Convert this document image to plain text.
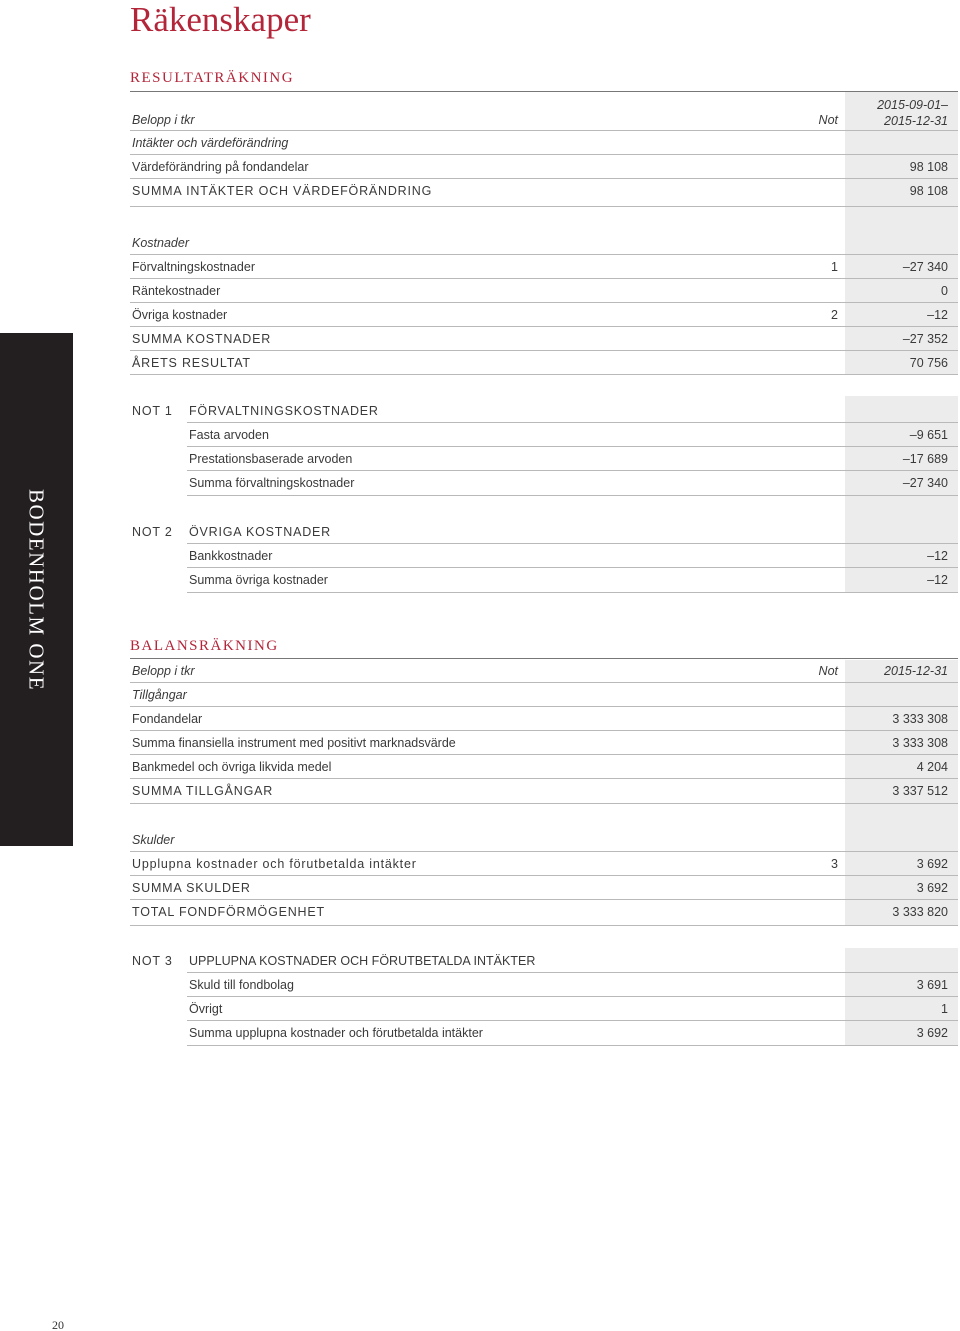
Räkenskaper
BODENHOLM ONE
RESULTATRÄKNING
Belopp i tkr	Not
2015-09-01–
2015-12-31
Intäkter och värdeförändring
Värdeförändring på fondandelar	98 108
SUMMA INTÄKTER OCH VÄRDEFÖRÄNDRING	98 108
Kostnader
Förvaltningskostnader	1	–27 340
Räntekostnader	0
Övriga kostnader	2	–12
SUMMA KOSTNADER	–27 352
ÅRETS RESULTAT	70 756
NOT 1 FÖRVALTNINGSKOSTNADER
Fasta arvoden	–9 651
Prestationsbaserade arvoden	–17 689
Summa förvaltningskostnader	–27 340
NOT 2 ÖVRIGA KOSTNADER
Bankkostnader	–12
Summa övriga kostnader	–12
BALANSRÄKNING
Belopp i tkr	Not	2015-12-31
Tillgångar
Fondandelar	3 333 308
Summa finansiella instrument med positivt marknadsvärde	3 333 308
Bankmedel och övriga likvida medel	4 204
SUMMA TILLGÅNGAR	3 337 512
Skulder
Upplupna kostnader och förutbetalda intäkter	3	3 692
SUMMA SKULDER	3 692
TOTAL FONDFÖRMÖGENHET	3 333 820
NOT 3 UPPLUPNA KOSTNADER OCH FÖRUTBETALDA INTÄKTER
Skuld till fondbolag	3 691
Övrigt	1
Summa upplupna kostnader och förutbetalda intäkter	3 692
20
